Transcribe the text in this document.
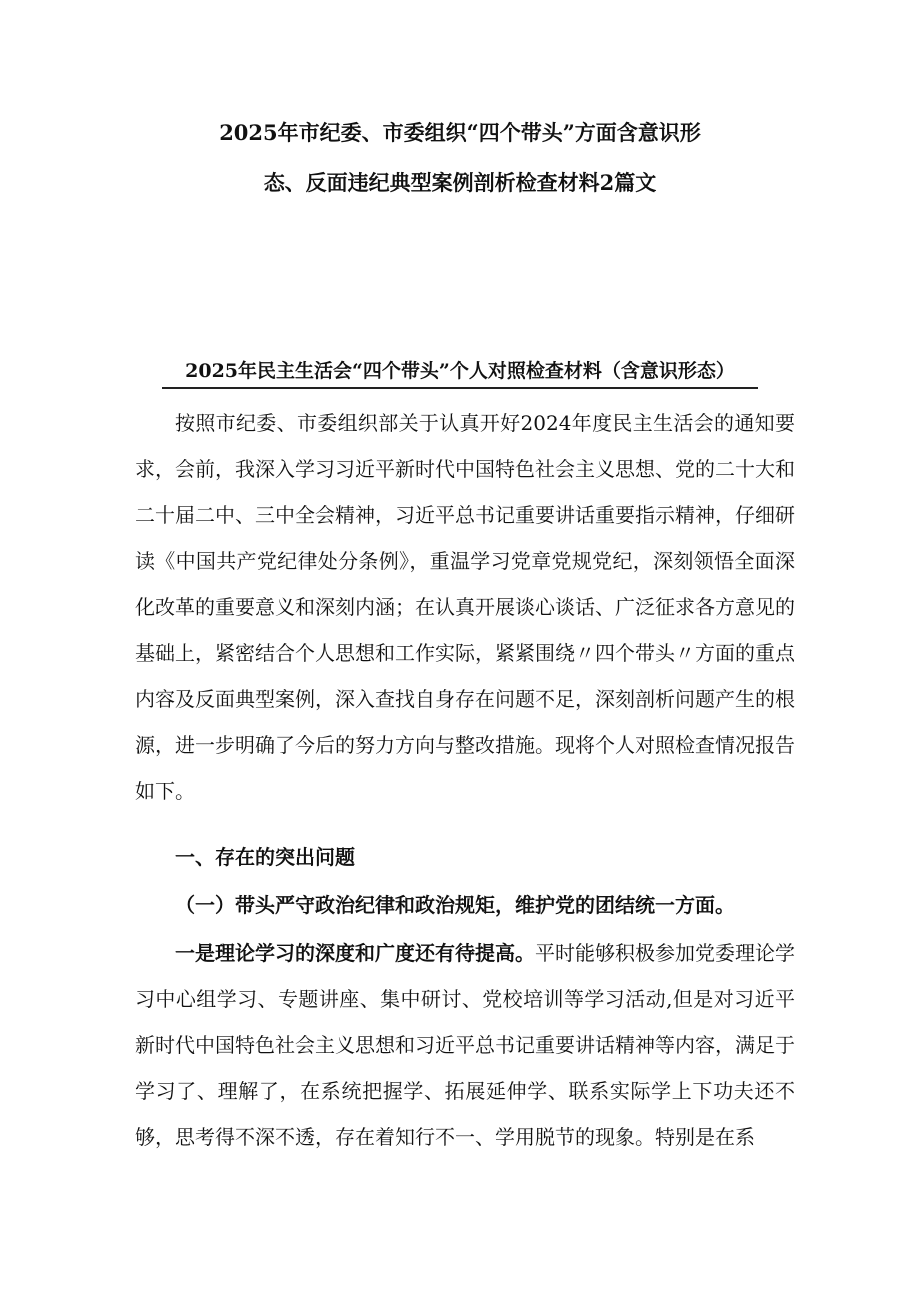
2025年市纪委、市委组织“四个带头”方面含意识形
态、反面违纪典型案例剖析检查材料2篇文
2025年民主生活会“四个带头”个人对照检查材料（含意识形态）

按照市纪委、市委组织部关于认真开好2024年度民主生活会的通知要求，会前，我深入学习习近平新时代中国特色社会主义思想、党的二十大和二十届二中、三中全会精神，习近平总书记重要讲话重要指示精神，仔细研读《中国共产党纪律处分条例》，重温学习党章党规党纪，深刻领悟全面深化改革的重要意义和深刻内涵；在认真开展谈心谈话、广泛征求各方意见的基础上，紧密结合个人思想和工作实际，紧紧围绕〃四个带头〃方面的重点内容及反面典型案例，深入查找自身存在问题不足，深刻剖析问题产生的根源，进一步明确了今后的努力方向与整改措施。现将个人对照检查情况报告如下。

一、存在的突出问题
（一）带头严守政治纪律和政治规矩，维护党的团结统一方面。

一是理论学习的深度和广度还有待提高。平时能够积极参加党委理论学习中心组学习、专题讲座、集中研讨、党校培训等学习活动,但是对习近平新时代中国特色社会主义思想和习近平总书记重要讲话精神等内容，满足于学习了、理解了，在系统把握学、拓展延伸学、联系实际学上下功夫还不够，思考得不深不透，存在着知行不一、学用脱节的现象。特别是在系
